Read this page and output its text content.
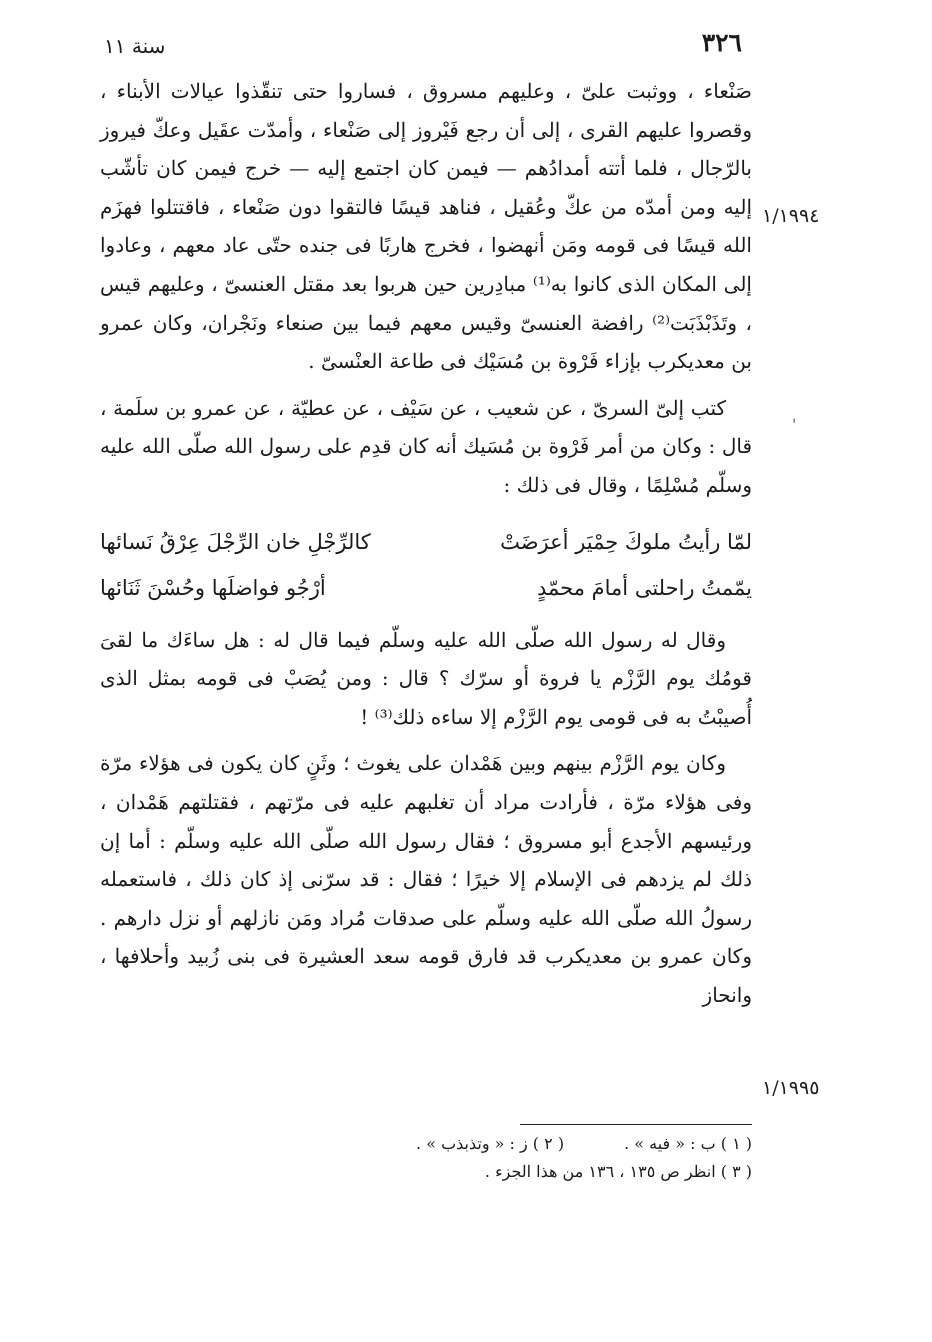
٣٢٦
سنة ١١
١/١٩٩٤
١/١٩٩٥
'

صَنْعاء ، ووثبت علىّ ، وعليهم مسروق ، فساروا حتى تنقّذوا عيالات الأبناء ، وقصروا عليهم القرى ، إلى أن رجع فَيْروز إلى صَنْعاء ، وأمدّت عقَيل وعكّ فيروز بالرّجال ، فلما أتته أمدادُهم — فيمن كان اجتمع إليه — خرج فيمن كان تأشّب إليه ومن أمدّه من عكّ وعُقيل ، فناهد قيسًا فالتقوا دون صَنْعاء ، فاقتتلوا فهزَم الله قيسًا فى قومه ومَن أنهضوا ، فخرج هاربًا فى جنده حتّى عاد معهم ، وعادوا إلى المكان الذى كانوا به⁽¹⁾ مبادِرين حين هربوا بعد مقتل العنسىّ ، وعليهم قيس ، وتَذَبْذَبَت⁽²⁾ رافضة العنسىّ وقيس معهم فيما بين صنعاء ونَجْران، وكان عمرو بن معديكرب بإزاء فَرْوة بن مُسَيْك فى طاعة العنْسىّ .

كتب إلىّ السرىّ ، عن شعيب ، عن سَيْف ، عن عطيّة ، عن عمرو بن سلَمة ، قال : وكان من أمر فَرْوة بن مُسَيك أنه كان قدِم على رسول الله صلّى الله عليه وسلّم مُسْلِمًا ، وقال فى ذلك :

لمّا رأيتُ ملوكَ حِمْيَر أعرَضَتْ
كالرِّجْلِ خان الرِّجْلَ عِرْقُ نَسائها
يمّمتُ راحلتى أمامَ محمّدٍ
أرْجُو فواضلَها وحُسْنَ ثَنَائها

وقال له رسول الله صلّى الله عليه وسلّم فيما قال له : هل ساءَك ما لقىَ قومُك يوم الرَّزْم يا فروة أو سرّك ؟ قال : ومن يُصَبْ فى قومه بمثل الذى أُصيبْتُ به فى قومى يوم الرَّزْم إلا ساءه ذلك⁽³⁾ !

وكان يوم الرَّزْم بينهم وبين هَمْدان على يغوث ؛ وثَنٍ كان يكون فى هؤلاء مرّة وفى هؤلاء مرّة ، فأرادت مراد أن تغلبهم عليه فى مرّتهم ، فقتلتهم هَمْدان ، ورئيسهم الأجدع أبو مسروق ؛ فقال رسول الله صلّى الله عليه وسلّم : أما إن ذلك لم يزدهم فى الإسلام إلا خيرًا ؛ فقال : قد سرّنى إذ كان ذلك ، فاستعمله رسولُ الله صلّى الله عليه وسلّم على صدقات مُراد ومَن نازلهم أو نزل دارهم . وكان عمرو بن معديكرب قد فارق قومه سعد العشيرة فى بنى زُبيد وأحلافها ، وانحاز

( ١ ) ب : « فيه » .( ٢ ) ز : « وتذبذب » .
( ٣ ) انظر ص ١٣٥ ، ١٣٦ من هذا الجزء .
